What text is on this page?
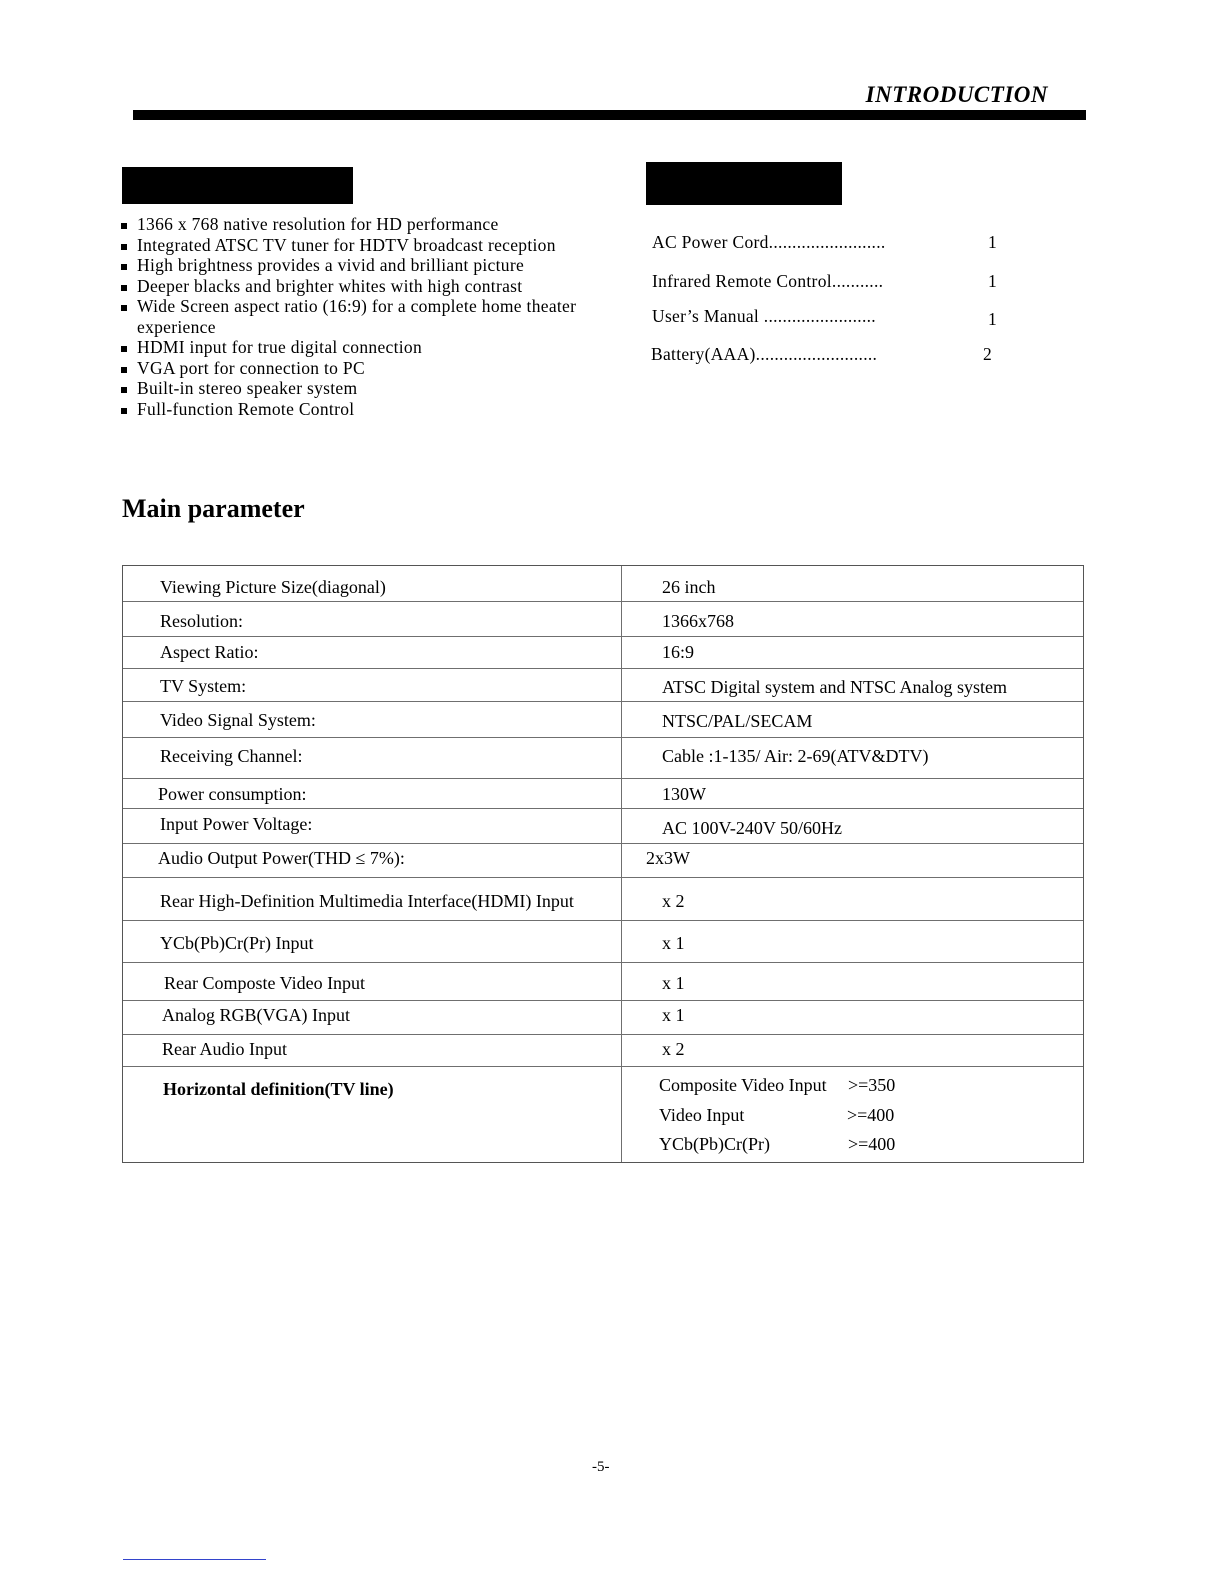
INTRODUCTION
1366 x 768 native resolution for HD performance
Integrated ATSC TV tuner for HDTV broadcast reception
High brightness provides a vivid and brilliant picture
Deeper blacks and brighter whites with high contrast
Wide Screen aspect ratio (16:9) for a complete home theater experience
HDMI input for true digital connection
VGA port for connection to PC
Built-in stereo speaker system
Full-function Remote Control
AC Power Cord.........................	1
Infrared Remote Control...........	1
User’s Manual ........................	1
Battery(AAA)..........................	2
Main parameter
Viewing Picture Size(diagonal)	26 inch
Resolution:	1366x768
Aspect Ratio:	16:9
TV System:	ATSC Digital system and NTSC Analog system
Video Signal System:	NTSC/PAL/SECAM
Receiving Channel:	Cable :1-135/ Air: 2-69(ATV&DTV)
Power consumption:	130W
Input Power Voltage:	AC 100V-240V 50/60Hz
Audio Output Power(THD ≤ 7%):	2x3W
Rear High-Definition Multimedia Interface(HDMI) Input	x 2
YCb(Pb)Cr(Pr) Input	x 1
Rear Composte Video Input	x 1
Analog RGB(VGA) Input	x 1
Rear Audio Input	x 2
Horizontal definition(TV line)	Composite Video Input >=350
Video Input	>=400
YCb(Pb)Cr(Pr)	>=400
-5-
